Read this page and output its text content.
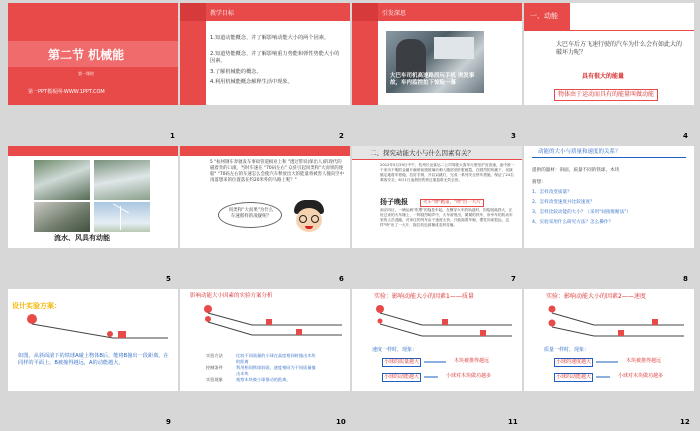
第二节 机械能
第一课时
第一PPT模板网-WWW.1PPT.COM
1
教学目标
1.知道动能概念，并了解影响动能大小的两个因素。
2.知道势能概念，并了解影响重力势能和弹性势能大小的因素。
3.了解机械能的概念。
4.利用机械能概念解释生活中现象。
2
引发深思
大巴车司机高速路段玩手机 突发事故，车内监控拍下惊险一幕
3
一、动能
大巴车后方飞速行驶的汽车为什么会有如此大的破坏力呢？
具有很大的能量
物体由于运动而具有的能量叫做动能
4
流水、风具有动能
5
5 "杭州钢车奔驰发车事故管道根业上和 "透过带说(保出人)的现代的磁着肯的口滚，当时车速在 "70码左右" 众驻引起同类和"大而果的逐船" "70码左右的车速怎么会使汽车释放出大的能量将被害人撞向空中再落想来的位置落在约20米外的马路上呢？"
同类和"大而果"为什么车速那样的凌疑呢？
6
二、探究动能大小与什么因素有关？
2012年5月29日中午，杭州长运客运二公司驾驶大客车行驶至沪宜高速，途中被一个来历不明的金属片砸碎前窗玻璃后刺入腹部至肝脏破裂，在剧烈的疼痛下，吴斌镇定地将车停稳，拉好手刹，开启双跳灯，完成一系列安全停车措施，保证了24名乘客安全，6月1日凌晨因伤势过重抢救无效去世。
扬子晚报	火车"吻"跑道，"吻"出一大片
南京四区，一辆运载"吹塑"的拖挂车起，在横穿火车的轨道时，因故脱离铁大，正好过来的火车撞上，一阵剧烈响声中，大车被甩出，紧紧的铁车，所幸车的机动车里的人员逃跑，对来往的列车由于速度太快，只能拖着车厢，惯性向前很远，这样"吻"出了一大片，拖拉机也被撞成变形变瘪。
7
动能的大小与质量和速度的关系？
提供的器材：斜面、质量不同的铁球，木块
猜想：
1、怎样改变质量？
2、怎样改变速度并比较速度？
3、怎样比较动能的大小？（采用"间接推断法"）
4、实验采用什么研究方法？怎么操作？
8
设计实验方案：
如图，从斜面滚下的铁球A碰上物体B后，能将B撞出一段距离。在同样的平面上，B被撞得越远，A的动能越大。
9
影响动能大小因素的实验方案分析
实验方法	比较不同质量的小球在高度相同时撞击木块的距离
控制条件	利用相同铁球斜面，速度相同为不同质量撞击木块
实验现象	观察木块被小球推动的距离。
10
实验：影响动能大小的因素1——质量
速度一样时，现象：
小球的质量越大	木块被推得越远
小球的动能越大	小球对木块做功越多
11
实验：影响动能大小的因素2——速度
质量一样时，现象：
小球的速度越大	木块被推得越远
小球的动能越大	小球对木块做功越多
12
